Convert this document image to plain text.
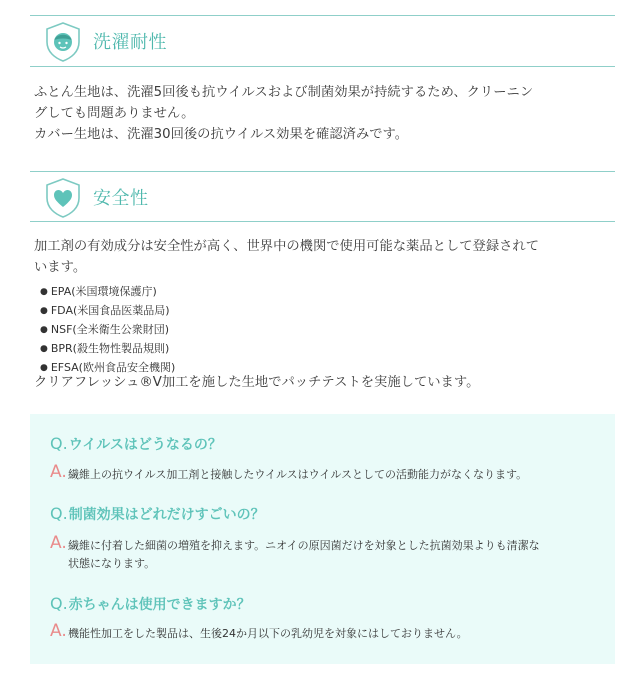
洗濯耐性
ふとん生地は、洗濯5回後も抗ウイルスおよび制菌効果が持続するため、クリーニン
グしても問題ありません。
カバー生地は、洗濯30回後の抗ウイルス効果を確認済みです。
安全性
加工剤の有効成分は安全性が高く、世界中の機関で使用可能な薬品として登録されて
います。
● EPA(米国環境保護庁)
● FDA(米国食品医薬品局)
● NSF(全米衛生公衆財団)
● BPR(殺生物性製品規則)
● EFSA(欧州食品安全機関)
クリアフレッシュ®V加工を施した生地でパッチテストを実施しています。
Q.ウイルスはどうなるの？
A. 繊維上の抗ウイルス加工剤と接触したウイルスはウイルスとしての活動能力がなくなります。
Q.制菌効果はどれだけすごいの？
A. 繊維に付着した細菌の増殖を抑えます。ニオイの原因菌だけを対象とした抗菌効果よりも清潔な
状態になります。
Q.赤ちゃんは使用できますか？
A. 機能性加工をした製品は、生後24か月以下の乳幼児を対象にはしておりません。
